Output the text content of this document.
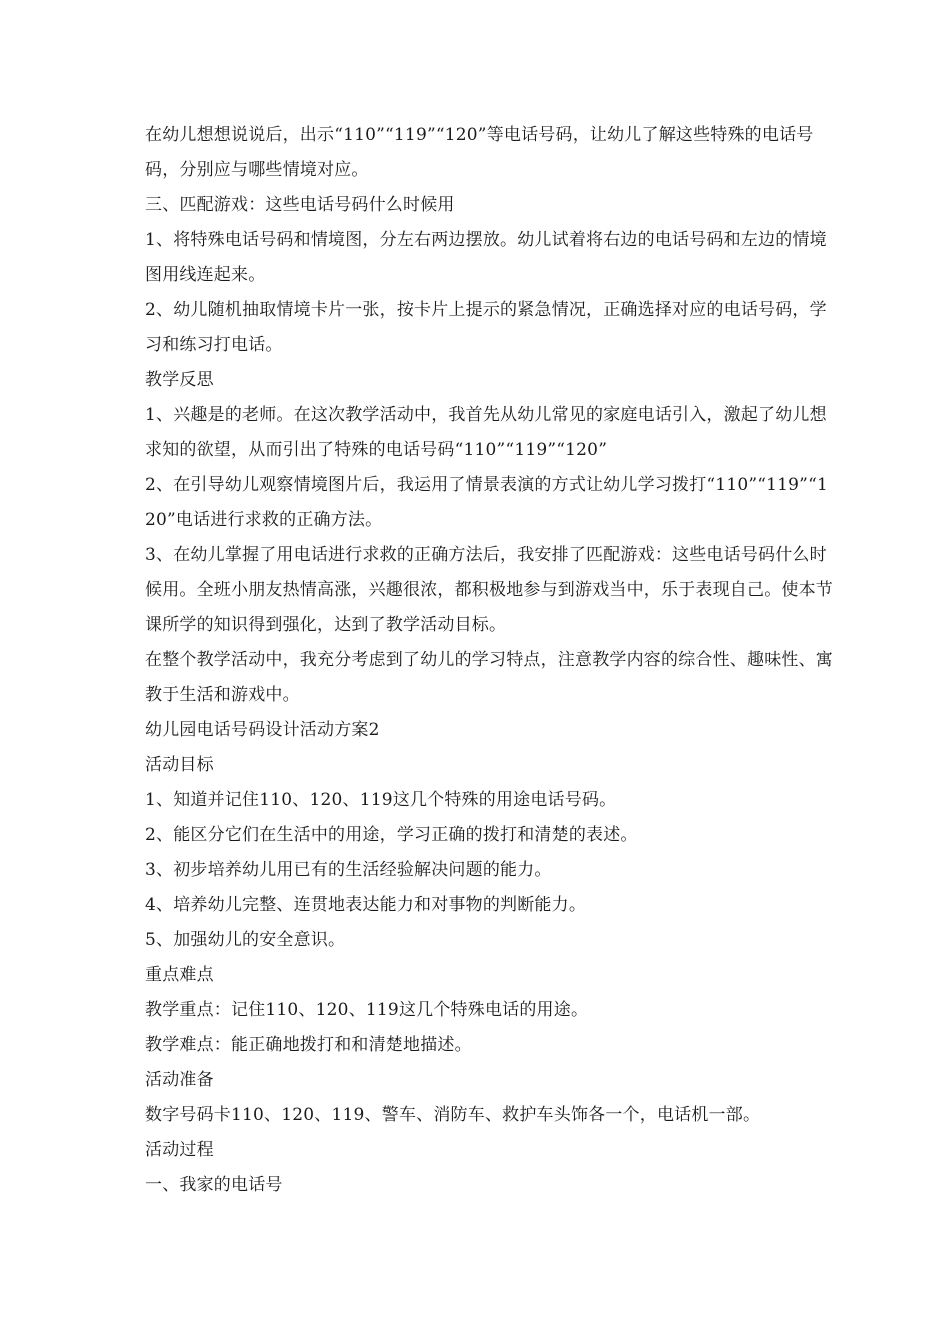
在幼儿想想说说后，出示“110”“119”“120”等电话号码，让幼儿了解这些特殊的电话号码，分别应与哪些情境对应。

三、匹配游戏：这些电话号码什么时候用

1、将特殊电话号码和情境图，分左右两边摆放。幼儿试着将右边的电话号码和左边的情境图用线连起来。

2、幼儿随机抽取情境卡片一张，按卡片上提示的紧急情况，正确选择对应的电话号码，学习和练习打电话。

教学反思

1、兴趣是的老师。在这次教学活动中，我首先从幼儿常见的家庭电话引入，激起了幼儿想求知的欲望，从而引出了特殊的电话号码“110”“119”“120”

2、在引导幼儿观察情境图片后，我运用了情景表演的方式让幼儿学习拨打“110”“119”“120”电话进行求救的正确方法。

3、在幼儿掌握了用电话进行求救的正确方法后，我安排了匹配游戏：这些电话号码什么时候用。全班小朋友热情高涨，兴趣很浓，都积极地参与到游戏当中，乐于表现自己。使本节课所学的知识得到强化，达到了教学活动目标。

在整个教学活动中，我充分考虑到了幼儿的学习特点，注意教学内容的综合性、趣味性、寓教于生活和游戏中。

幼儿园电话号码设计活动方案2

活动目标

1、知道并记住110、120、119这几个特殊的用途电话号码。

2、能区分它们在生活中的用途，学习正确的拨打和清楚的表述。

3、初步培养幼儿用已有的生活经验解决问题的能力。

4、培养幼儿完整、连贯地表达能力和对事物的判断能力。

5、加强幼儿的安全意识。

重点难点

教学重点：记住110、120、119这几个特殊电话的用途。

教学难点：能正确地拨打和和清楚地描述。

活动准备

数字号码卡110、120、119、警车、消防车、救护车头饰各一个，电话机一部。

活动过程

一、我家的电话号
